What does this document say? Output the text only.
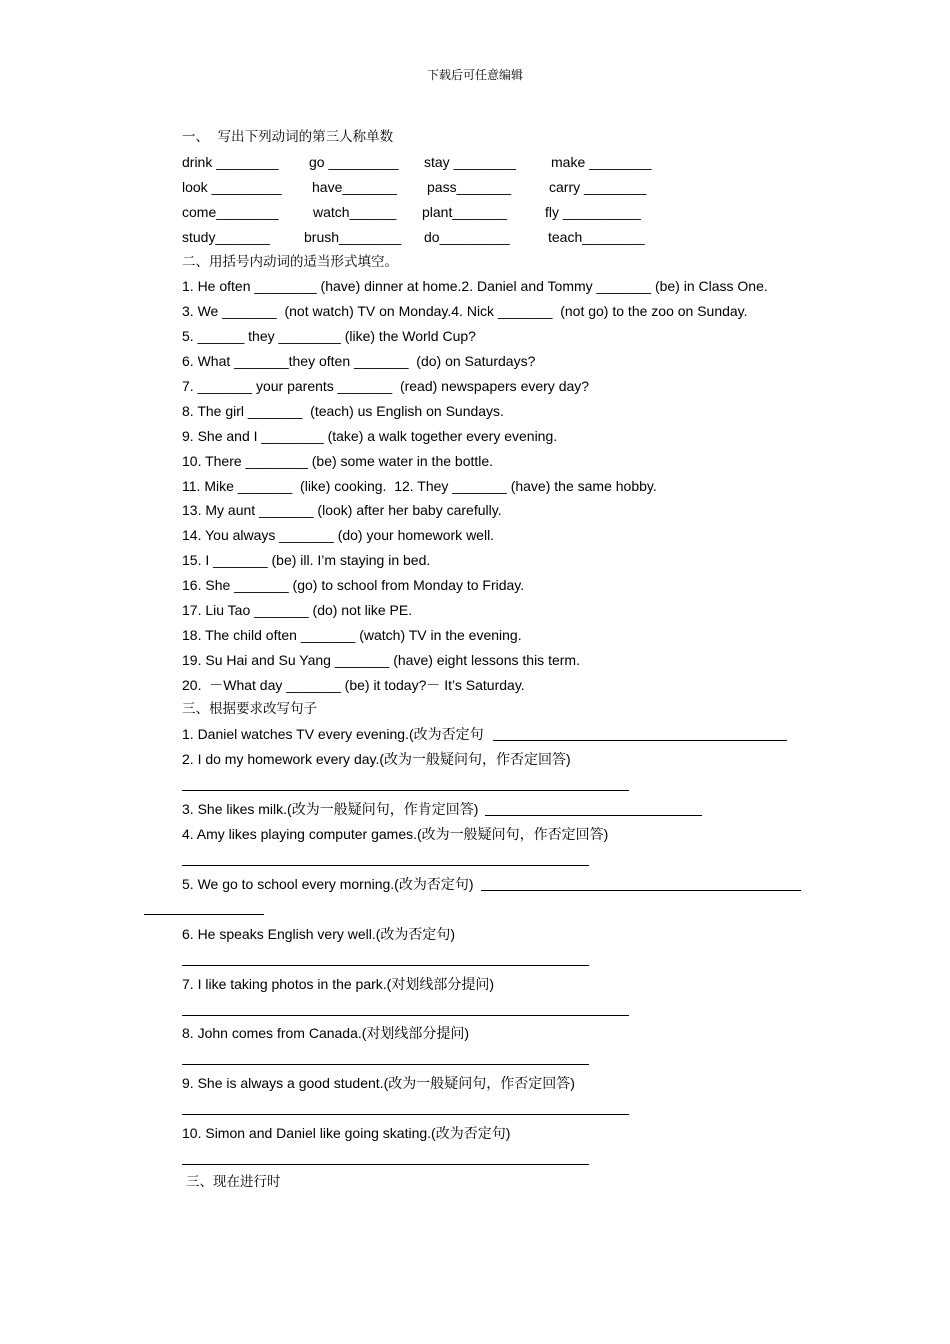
下载后可任意编辑
一、  写出下列动词的第三人称单数
drink ________ go _________ stay ________	make ________
look _________ have_______ pass_______	carry ________
come________ watch______ plant_______	fly __________
study_______ brush________ do_________	teach________
二、用括号内动词的适当形式填空。
1. He often ________ (have) dinner at home.2. Daniel and Tommy _______ (be) in Class One.
3. We _______  (not watch) TV on Monday.4. Nick _______  (not go) to the zoo on Sunday.
5. ______ they ________ (like) the World Cup?
6. What _______they often _______  (do) on Saturdays?
7. _______ your parents _______  (read) newspapers every day?
8. The girl _______  (teach) us English on Sundays.
9. She and I ________ (take) a walk together every evening.
10. There ________ (be) some water in the bottle.
11. Mike _______  (like) cooking.  12. They _______ (have) the same hobby.
13. My aunt _______ (look) after her baby carefully.
14. You always _______ (do) your homework well.
15. I _______ (be) ill. I’m staying in bed.
16. She _______ (go) to school from Monday to Friday.
17. Liu Tao _______ (do) not like PE.
18. The child often _______ (watch) TV in the evening.
19. Su Hai and Su Yang _______ (have) eight lessons this term.
20.  －What day _______ (be) it today?－ It’s Saturday.
三、根据要求改写句子
1. Daniel watches TV every evening.(改为否定句
2. I do my homework every day.(改为一般疑问句，作否定回答)
3. She likes milk.(改为一般疑问句，作肯定回答)
4. Amy likes playing computer games.(改为一般疑问句，作否定回答)
5. We go to school every morning.(改为否定句)
6. He speaks English very well.(改为否定句)
7. I like taking photos in the park.(对划线部分提问)
8. John comes from Canada.(对划线部分提问)
9. She is always a good student.(改为一般疑问句，作否定回答)
10. Simon and Daniel like going skating.(改为否定句)
三、现在进行时
